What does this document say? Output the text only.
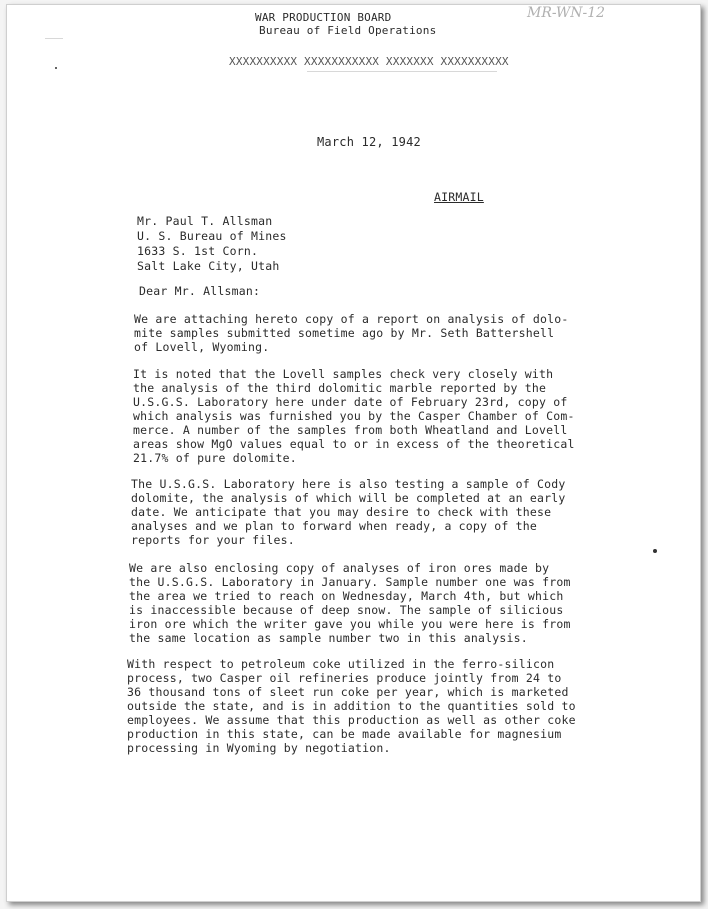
WAR PRODUCTION BOARD
Bureau of Field Operations
MR-WN-12
XXXXXXXXXX XXXXXXXXXXX XXXXXXX XXXXXXXXXX
March 12, 1942
AIRMAIL
Mr. Paul T. Allsman
U. S. Bureau of Mines
1633 S. 1st Corn.
Salt Lake City, Utah
Dear Mr. Allsman:
We are attaching hereto copy of a report on analysis of dolo-
mite samples submitted sometime ago by Mr. Seth Battershell
of Lovell, Wyoming.
It is noted that the Lovell samples check very closely with
the analysis of the third dolomitic marble reported by the
U.S.G.S. Laboratory here under date of February 23rd, copy of
which analysis was furnished you by the Casper Chamber of Com-
merce. A number of the samples from both Wheatland and Lovell
areas show MgO values equal to or in excess of the theoretical
21.7% of pure dolomite.
The U.S.G.S. Laboratory here is also testing a sample of Cody
dolomite, the analysis of which will be completed at an early
date. We anticipate that you may desire to check with these
analyses and we plan to forward when ready, a copy of the
reports for your files.
We are also enclosing copy of analyses of iron ores made by
the U.S.G.S. Laboratory in January. Sample number one was from
the area we tried to reach on Wednesday, March 4th, but which
is inaccessible because of deep snow. The sample of silicious
iron ore which the writer gave you while you were here is from
the same location as sample number two in this analysis.
With respect to petroleum coke utilized in the ferro-silicon
process, two Casper oil refineries produce jointly from 24 to
36 thousand tons of sleet run coke per year, which is marketed
outside the state, and is in addition to the quantities sold to
employees. We assume that this production as well as other coke
production in this state, can be made available for magnesium
processing in Wyoming by negotiation.
